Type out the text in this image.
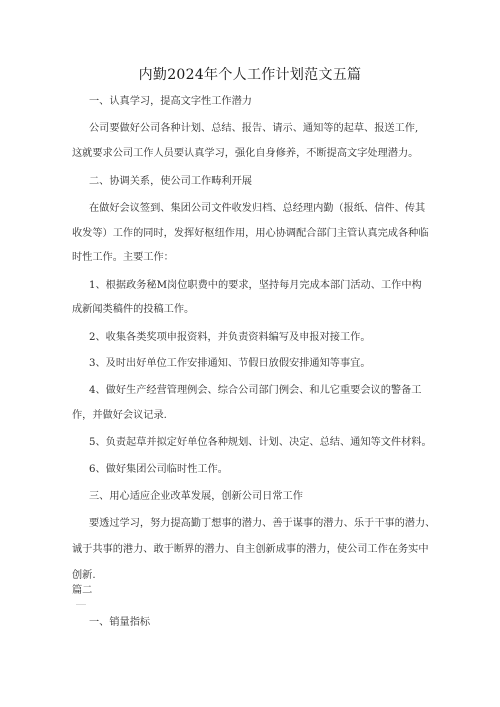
内勤2024年个人工作计划范文五篇

一、认真学习，提高文字性工作潜力

公司要做好公司各种计划、总结、报告、请示、通知等的起草、报送工作,

这就要求公司工作人员要认真学习，强化自身修养，不断提高文字处理潜力。

二、协调关系，使公司工作畴利开展

在做好会议签到、集团公司文件收发归档、总经理内勤（报纸、信件、传其

收发等）工作的同时，发挥好枢纽作用，用心协调配合部门主管认真完成各种临

时性工作。主要工作：

1、根据政务秘M岗位职费中的要求，坚持每月完成本部门活动、工作中构

成新闻类稿件的投稿工作。

2、收集各类奖项申报资料，并负责资料编写及申报对接工作。

3、及时出好单位工作安排通知、节假日放假安排通知等事宜。

4、做好生产经营管理例会、综合公司部门例会、和儿它重要会议的警备工

作，并做好会议记录.

5、负责起草并拟定好单位各种规划、计划、决定、总结、通知等文件材料。

6、做好集团公司临时性工作。

三、用心适应企业改革发展，创新公司日常工作

要透过学习，努力提高勤丁想事的潜力、善于谋事的潜力、乐于干事的潜力、

诚于共事的港力、敢于断界的潜力、自主创新成事的潜力，使公司工作在务实中

创新.

篇二

一、销量指标
